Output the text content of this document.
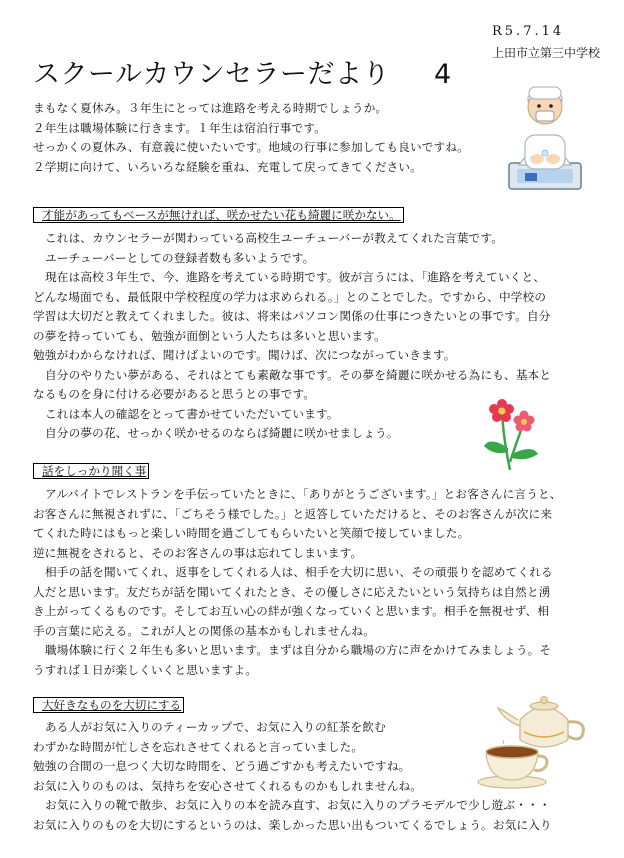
R5.7.14
上田市立第三中学校
スクールカウンセラーだより 4
まもなく夏休み。３年生にとっては進路を考える時期でしょうか。
２年生は職場体験に行きます。１年生は宿泊行事です。
せっかくの夏休み、有意義に使いたいです。地域の行事に参加しても良いですね。
２学期に向けて、いろいろな経験を重ね、充電して戻ってきてください。
才能があってもベースが無ければ、咲かせたい花も綺麗に咲かない。
これは、カウンセラーが関わっている高校生ユーチューバーが教えてくれた言葉です。
ユーチューバーとしての登録者数も多いようです。
現在は高校３年生で、今、進路を考えている時期です。彼が言うには、「進路を考えていくと、
どんな場面でも、最低限中学校程度の学力は求められる。」とのことでした。ですから、中学校の
学習は大切だと教えてくれました。彼は、将来はパソコン関係の仕事につきたいとの事です。自分
の夢を持っていても、勉強が面倒という人たちは多いと思います。
勉強がわからなければ、聞けばよいのです。聞けば、次につながっていきます。
自分のやりたい夢がある、それはとても素敵な事です。その夢を綺麗に咲かせる為にも、基本と
なるものを身に付ける必要があると思うとの事です。
これは本人の確認をとって書かせていただいています。
自分の夢の花、せっかく咲かせるのならば綺麗に咲かせましょう。
話をしっかり聞く事
アルバイトでレストランを手伝っていたときに、「ありがとうございます。」とお客さんに言うと、
お客さんに無視されずに、「ごちそう様でした。」と返答していただけると、そのお客さんが次に来
てくれた時にはもっと楽しい時間を過ごしてもらいたいと笑顔で接していました。
逆に無視をされると、そのお客さんの事は忘れてしまいます。
相手の話を聞いてくれ、返事をしてくれる人は、相手を大切に思い、その頑張りを認めてくれる
人だと思います。友だちが話を聞いてくれたとき、その優しさに応えたいという気持ちは自然と湧
き上がってくるものです。そしてお互い心の絆が強くなっていくと思います。相手を無視せず、相
手の言葉に応える。これが人との関係の基本かもしれませんね。
職場体験に行く２年生も多いと思います。まずは自分から職場の方に声をかけてみましょう。そ
うすれば１日が楽しくいくと思いますよ。
大好きなものを大切にする
ある人がお気に入りのティーカップで、お気に入りの紅茶を飲む
わずかな時間が忙しさを忘れさせてくれると言っていました。
勉強の合間の一息つく大切な時間を、どう過ごすかも考えたいですね。
お気に入りのものは、気持ちを安心させてくれるものかもしれませんね。
お気に入りの靴で散歩、お気に入りの本を読み直す、お気に入りのプラモデルで少し遊ぶ・・・
お気に入りのものを大切にするというのは、楽しかった思い出もついてくるでしょう。お気に入り
